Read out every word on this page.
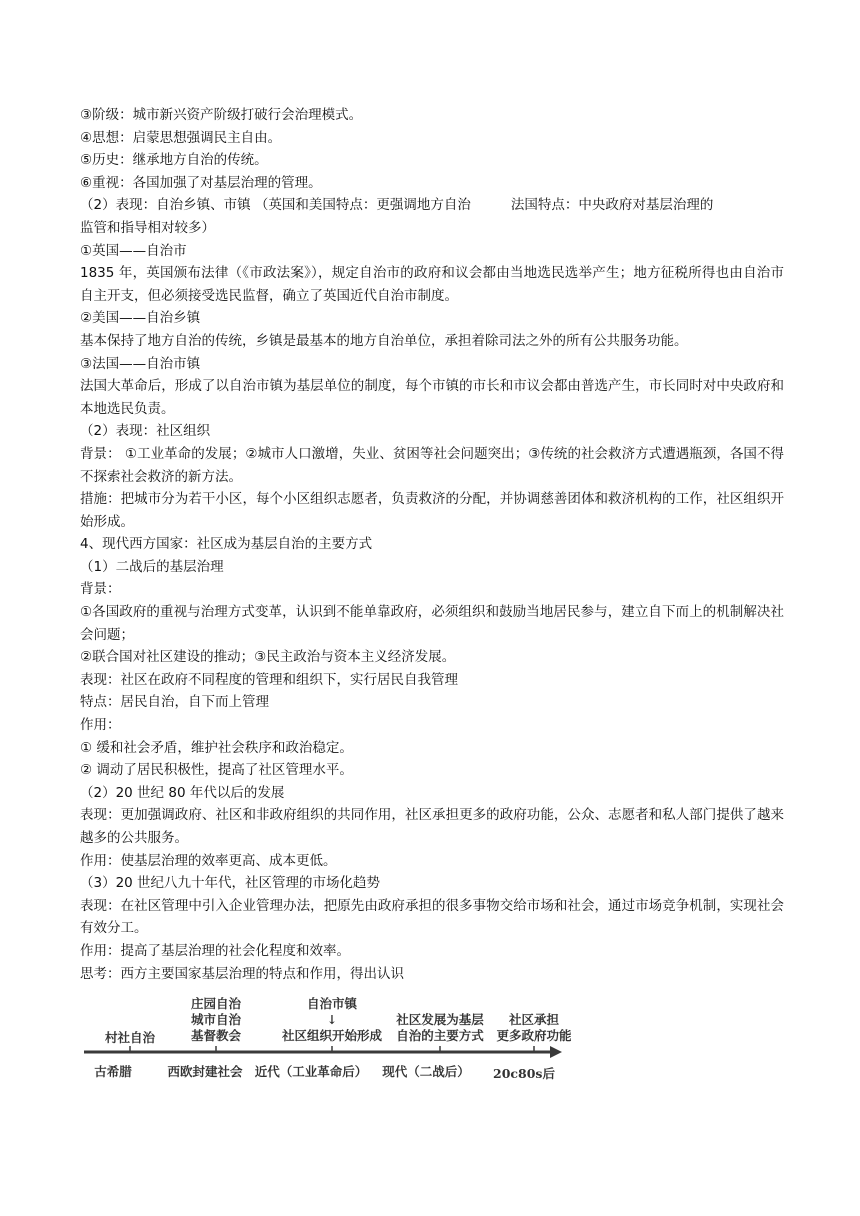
③阶级：城市新兴资产阶级打破行会治理模式。

④思想：启蒙思想强调民主自由。

⑤历史：继承地方自治的传统。

⑥重视：各国加强了对基层治理的管理。

（2）表现：自治乡镇、市镇 （英国和美国特点：更强调地方自治	法国特点：中央政府对基层治理的

监管和指导相对较多）

①英国——自治市

1835 年，英国颁布法律（《市政法案》），规定自治市的政府和议会都由当地选民选举产生；地方征税所得也由自治市自主开支，但必须接受选民监督，确立了英国近代自治市制度。

②美国——自治乡镇

基本保持了地方自治的传统，乡镇是最基本的地方自治单位，承担着除司法之外的所有公共服务功能。

③法国——自治市镇

法国大革命后，形成了以自治市镇为基层单位的制度，每个市镇的市长和市议会都由普选产生，市长同时对中央政府和本地选民负责。

（2）表现：社区组织

背景： ①工业革命的发展；②城市人口激增，失业、贫困等社会问题突出；③传统的社会救济方式遭遇瓶颈，各国不得不探索社会救济的新方法。

措施：把城市分为若干小区，每个小区组织志愿者，负责救济的分配，并协调慈善团体和救济机构的工作，社区组织开始形成。

4、现代西方国家：社区成为基层自治的主要方式

（1）二战后的基层治理

背景：

①各国政府的重视与治理方式变革，认识到不能单靠政府，必须组织和鼓励当地居民参与，建立自下而上的机制解决社会问题；

②联合国对社区建设的推动；③民主政治与资本主义经济发展。

表现：社区在政府不同程度的管理和组织下，实行居民自我管理

特点：居民自治，自下而上管理

作用：

① 缓和社会矛盾，维护社会秩序和政治稳定。

② 调动了居民积极性，提高了社区管理水平。

（2）20 世纪 80 年代以后的发展

表现：更加强调政府、社区和非政府组织的共同作用，社区承担更多的政府功能，公众、志愿者和私人部门提供了越来越多的公共服务。

作用：使基层治理的效率更高、成本更低。

（3）20 世纪八九十年代，社区管理的市场化趋势

表现：在社区管理中引入企业管理办法，把原先由政府承担的很多事物交给市场和社会，通过市场竞争机制，实现社会有效分工。

作用：提高了基层治理的社会化程度和效率。

思考：西方主要国家基层治理的特点和作用，得出认识

村社自治
庄园自治
城市自治
基督教会
自治市镇
↓
社区组织开始形成
社区发展为基层
自治的主要方式
社区承担
更多政府功能
古希腊	西欧封建社会 近代（工业革命后）	现代（二战后）	20c80s后
